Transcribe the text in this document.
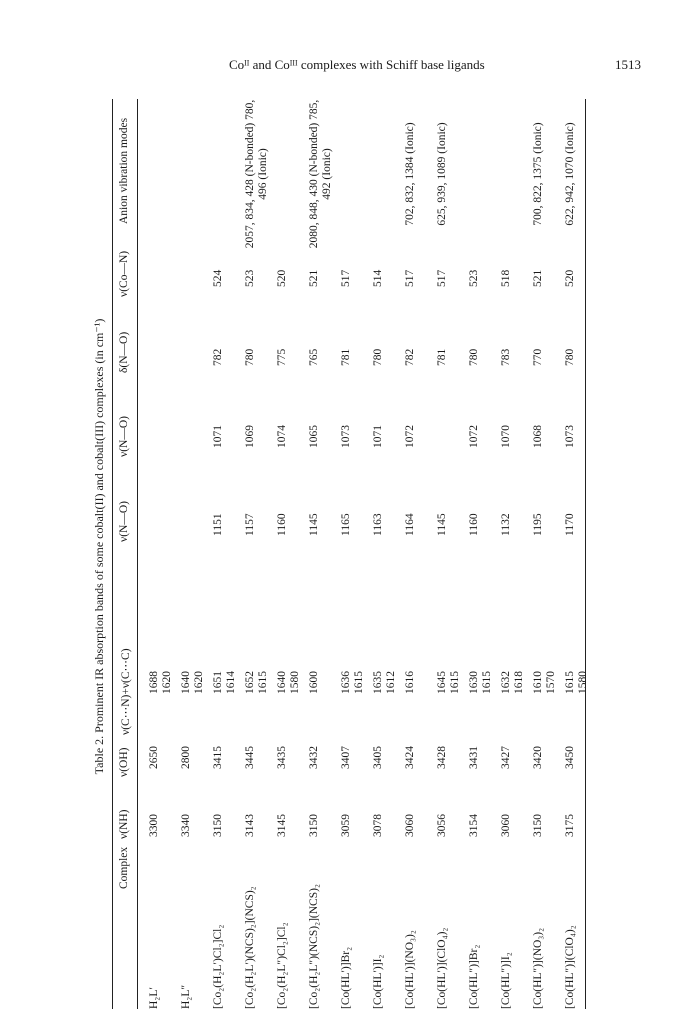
Coᴵᴵ and Coᴵᴵᴵ complexes with Schiff base ligands	1513
Table 2. Prominent IR absorption bands of some cobalt(II) and cobalt(III) complexes (in cm⁻¹)
Complex
ν(NH)
ν(OH)
ν(C⋯N)+ν(C⋯C)
ν(N—O)
ν(N—O)
δ(N—O)
ν(Co—N)
Anion vibration modes
H₂L′
3300
2650
1688 1620
H₂L″
3340
2800
1640 1620
[Co₂(H₂L′)Cl₂]Cl₂
3150
3415
1651 1614
1151
1071
782
524
[Co₂(H₂L′)(NCS)₂](NCS)₂
3143
3445
1652 1615
1157
1069
780
523
2057, 834, 428 (N-bonded) 780, 496 (Ionic)
[Co₂(H₂L″)Cl₂]Cl₂
3145
3435
1640 1580
1160
1074
775
520
[Co₂(H₂L″)(NCS)₂](NCS)₂
3150
3432
1600
1145
1065
765
521
2080, 848, 430 (N-bonded) 785, 492 (Ionic)
[Co(HL′)]Br₂
3059
3407
1636 1615
1165
1073
781
517
[Co(HL′)]I₂
3078
3405
1635 1612
1163
1071
780
514
[Co(HL′)](NO₃)₂
3060
3424
1616
1164
1072
782
517
702, 832, 1384 (Ionic)
[Co(HL′)](ClO₄)₂
3056
3428
1645 1615
1145
781
517
625, 939, 1089 (Ionic)
[Co(HL″)]Br₂
3154
3431
1630 1615
1160
1072
780
523
[Co(HL″)]I₂
3060
3427
1632 1618
1132
1070
783
518
[Co(HL″)](NO₃)₂
3150
3420
1610 1570
1195
1068
770
521
700, 822, 1375 (Ionic)
[Co(HL″)](ClO₄)₂
3175
3450
1615 1580
1170
1073
780
520
622, 942, 1070 (Ionic)
